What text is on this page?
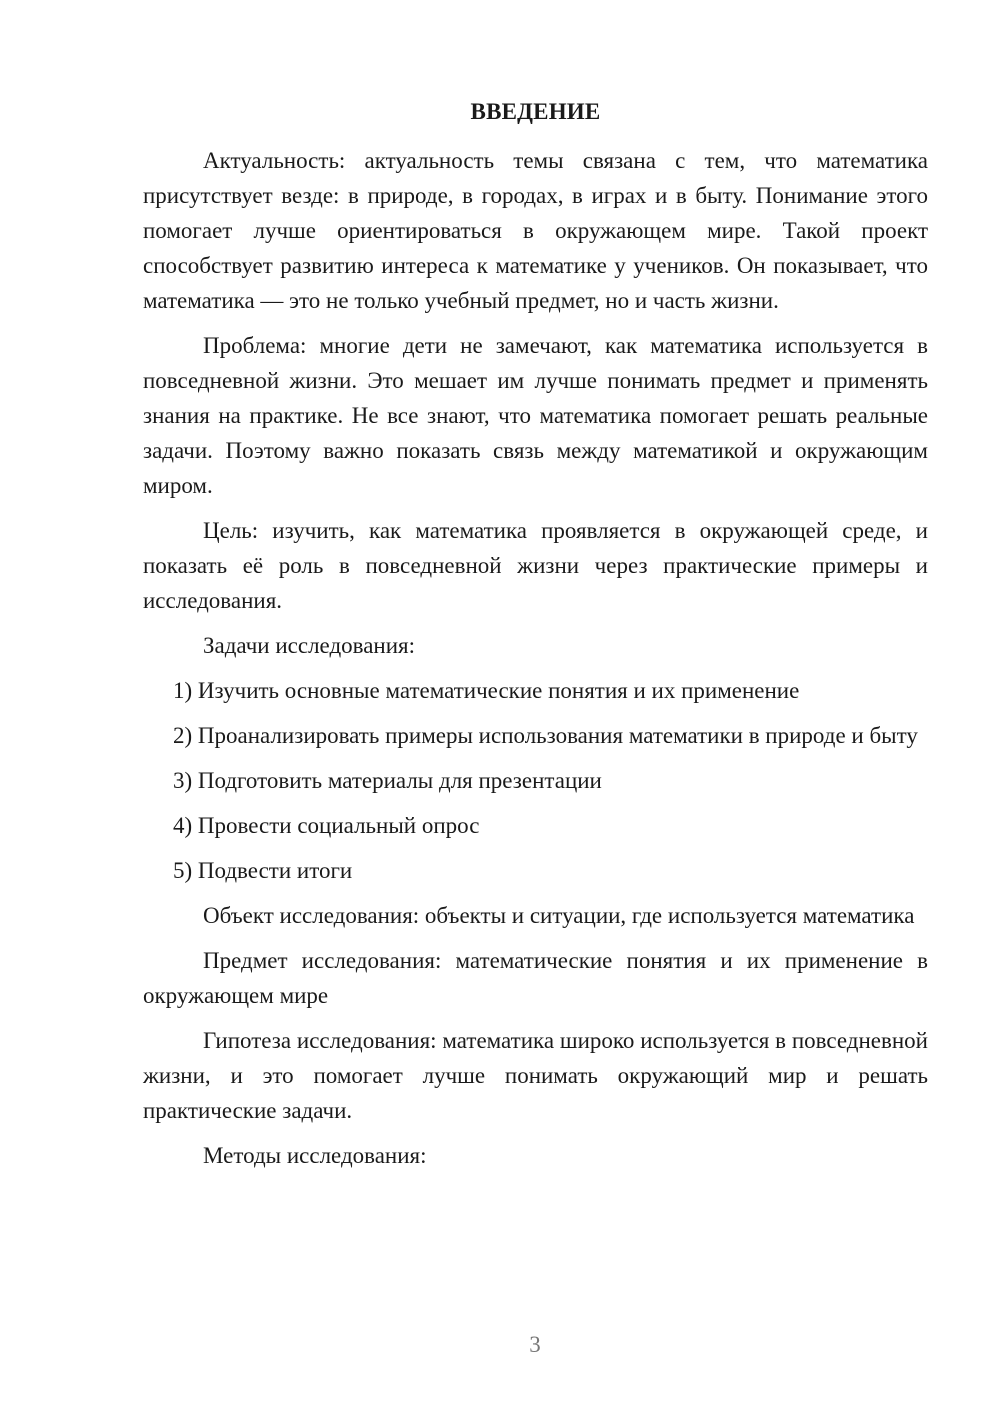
ВВЕДЕНИЕ

Актуальность: актуальность темы связана с тем, что математика присутствует везде: в природе, в городах, в играх и в быту. Понимание этого помогает лучше ориентироваться в окружающем мире. Такой проект способствует развитию интереса к математике у учеников. Он показывает, что математика — это не только учебный предмет, но и часть жизни.

Проблема: многие дети не замечают, как математика используется в повседневной жизни. Это мешает им лучше понимать предмет и применять знания на практике. Не все знают, что математика помогает решать реальные задачи. Поэтому важно показать связь между математикой и окружающим миром.

Цель: изучить, как математика проявляется в окружающей среде, и показать её роль в повседневной жизни через практические примеры и исследования.

Задачи исследования:

1) Изучить основные математические понятия и их применение

2) Проанализировать примеры использования математики в природе и быту

3) Подготовить материалы для презентации

4) Провести социальный опрос

5) Подвести итоги

Объект исследования: объекты и ситуации, где используется математика

Предмет исследования: математические понятия и их применение в окружающем мире

Гипотеза исследования: математика широко используется в повседневной жизни, и это помогает лучше понимать окружающий мир и решать практические задачи.

Методы исследования:

3
